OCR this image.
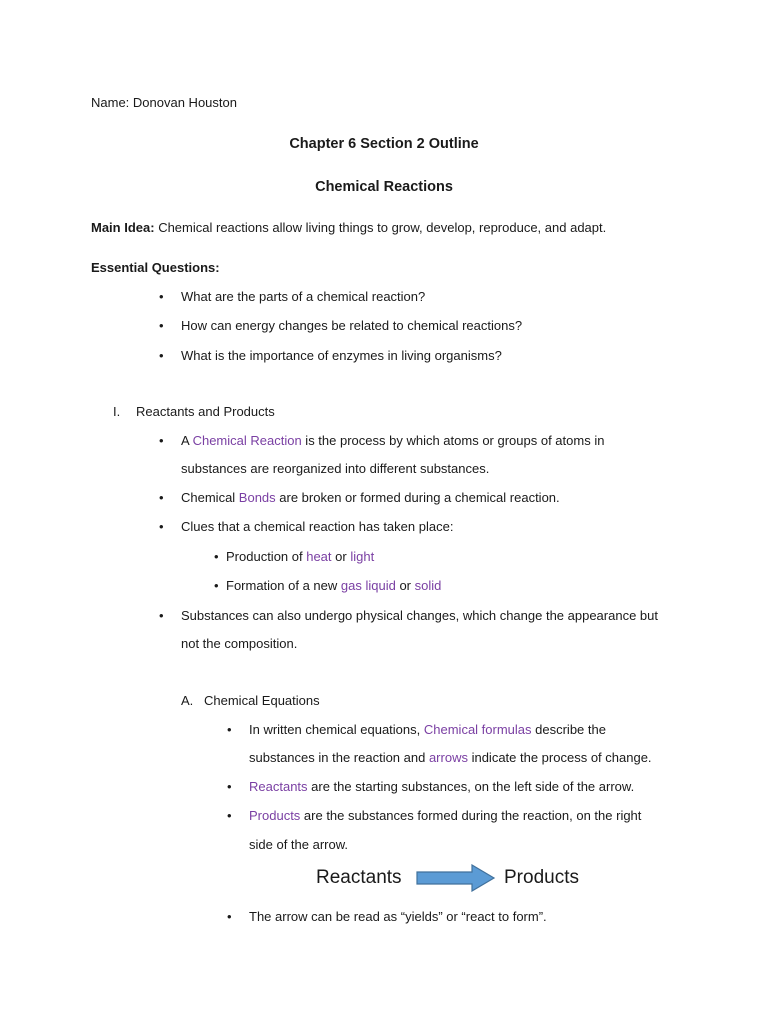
Name: Donovan Houston
Chapter 6 Section 2 Outline
Chemical Reactions
Main Idea: Chemical reactions allow living things to grow, develop, reproduce, and adapt.
Essential Questions:
• What are the parts of a chemical reaction?
• How can energy changes be related to chemical reactions?
• What is the importance of enzymes in living organisms?
I. Reactants and Products
• A Chemical Reaction is the process by which atoms or groups of atoms in
substances are reorganized into different substances.
• Chemical Bonds are broken or formed during a chemical reaction.
• Clues that a chemical reaction has taken place:
• Production of heat or light
• Formation of a new gas liquid or solid
• Substances can also undergo physical changes, which change the appearance but
not the composition.
A. Chemical Equations
• In written chemical equations, Chemical formulas describe the
substances in the reaction and arrows indicate the process of change.
• Reactants are the starting substances, on the left side of the arrow.
• Products are the substances formed during the reaction, on the right
side of the arrow.
Reactants	Products
• The arrow can be read as “yields” or “react to form”.
